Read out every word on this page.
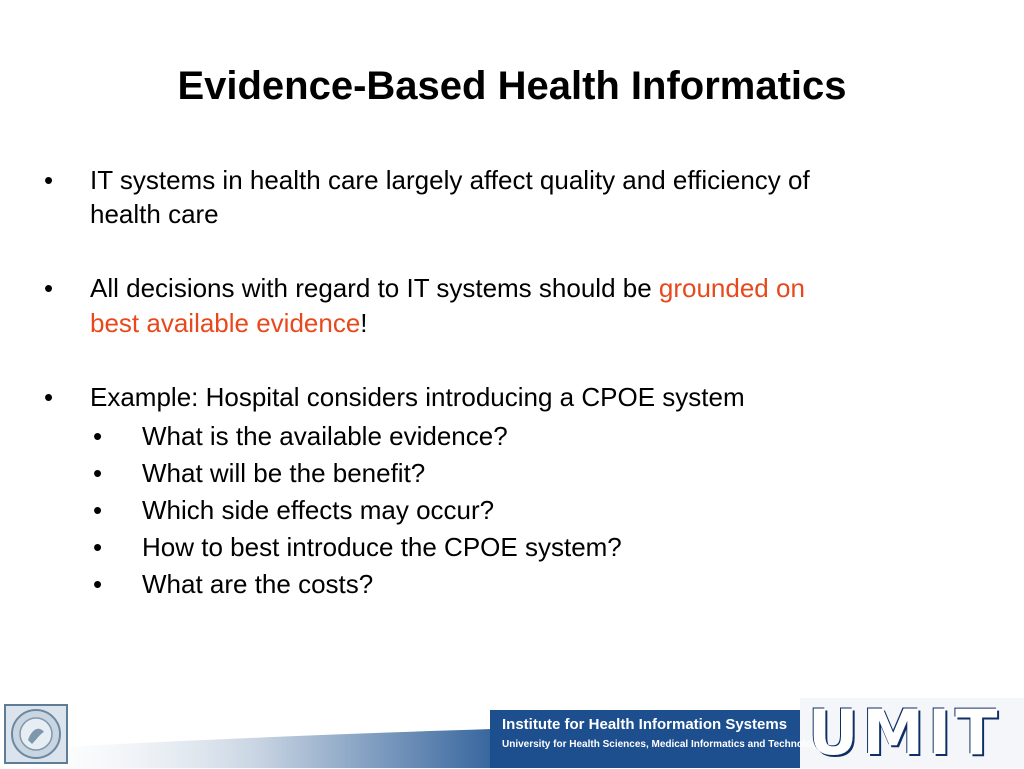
Evidence-Based Health Informatics
• IT systems in health care largely affect quality and efficiency of
health care
• All decisions with regard to IT systems should be grounded on
best available evidence!
• Example: Hospital considers introducing a CPOE system
• What is the available evidence?
• What will be the benefit?
• Which side effects may occur?
• How to best introduce the CPOE system?
• What are the costs?
Institute for Health Information Systems
University for Health Sciences, Medical Informatics and Technology
UMIT
